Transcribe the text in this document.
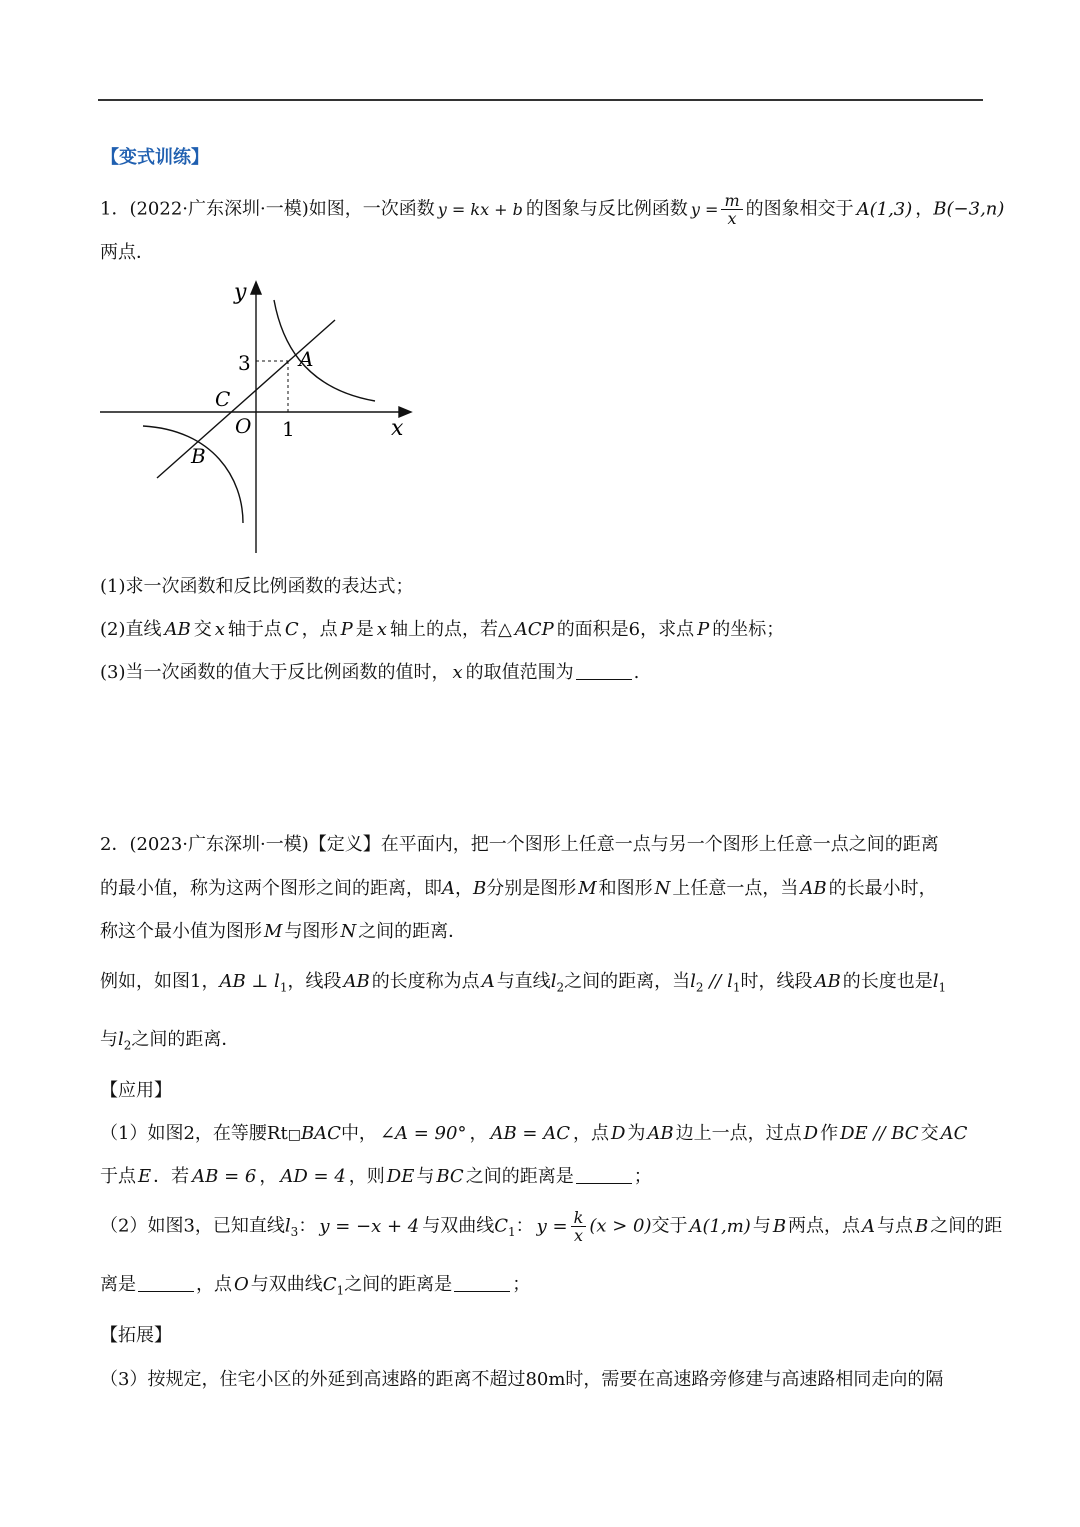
【变式训练】
1．(2022·广东深圳·一模)如图，一次函数 y = kx + b 的图象与反比例函数 $y = \frac{m}{x}$ 的图象相交于 A(1,3) ，B(−3,n)
两点．
y
x
3
1
A
B
C
O
(1)求一次函数和反比例函数的表达式；
(2)直线 AB 交 x 轴于点 C ，点 P 是 x 轴上的点，若△ ACP 的面积是6，求点 P 的坐标；
(3)当一次函数的值大于反比例函数的值时， x 的取值范围为	.
2．(2023·广东深圳·一模)【定义】在平面内，把一个图形上任意一点与另一个图形上任意一点之间的距离
的最小值，称为这两个图形之间的距离，即A，B分别是图形 M 和图形 N 上任意一点，当 AB 的长最小时，
称这个最小值为图形 M 与图形 N 之间的距离．
例如，如图1，AB ⊥ $l_1$，线段 AB 的长度称为点 A 与直线$l_2$之间的距离，当$l_2 // l_1$时，线段 AB 的长度也是$l_1$
与$l_2$之间的距离．
【应用】
（1）如图2，在等腰Rt□BAC中， ∠A = 90° ， AB = AC ，点 D 为 AB 边上一点，过点 D 作 DE // BC 交 AC
于点 E ．若 AB = 6 ， AD = 4 ，则 DE 与 BC 之间的距离是	；
（2）如图3，已知直线$l_3$： y = −x + 4 与双曲线$C_1$： $y = \frac{k}{x} (x > 0)$交于 A(1,m) 与 B 两点，点 A 与点 B 之间的距
离是	，点 O 与双曲线$C_1$之间的距离是	；
【拓展】
（3）按规定，住宅小区的外延到高速路的距离不超过80m时，需要在高速路旁修建与高速路相同走向的隔
